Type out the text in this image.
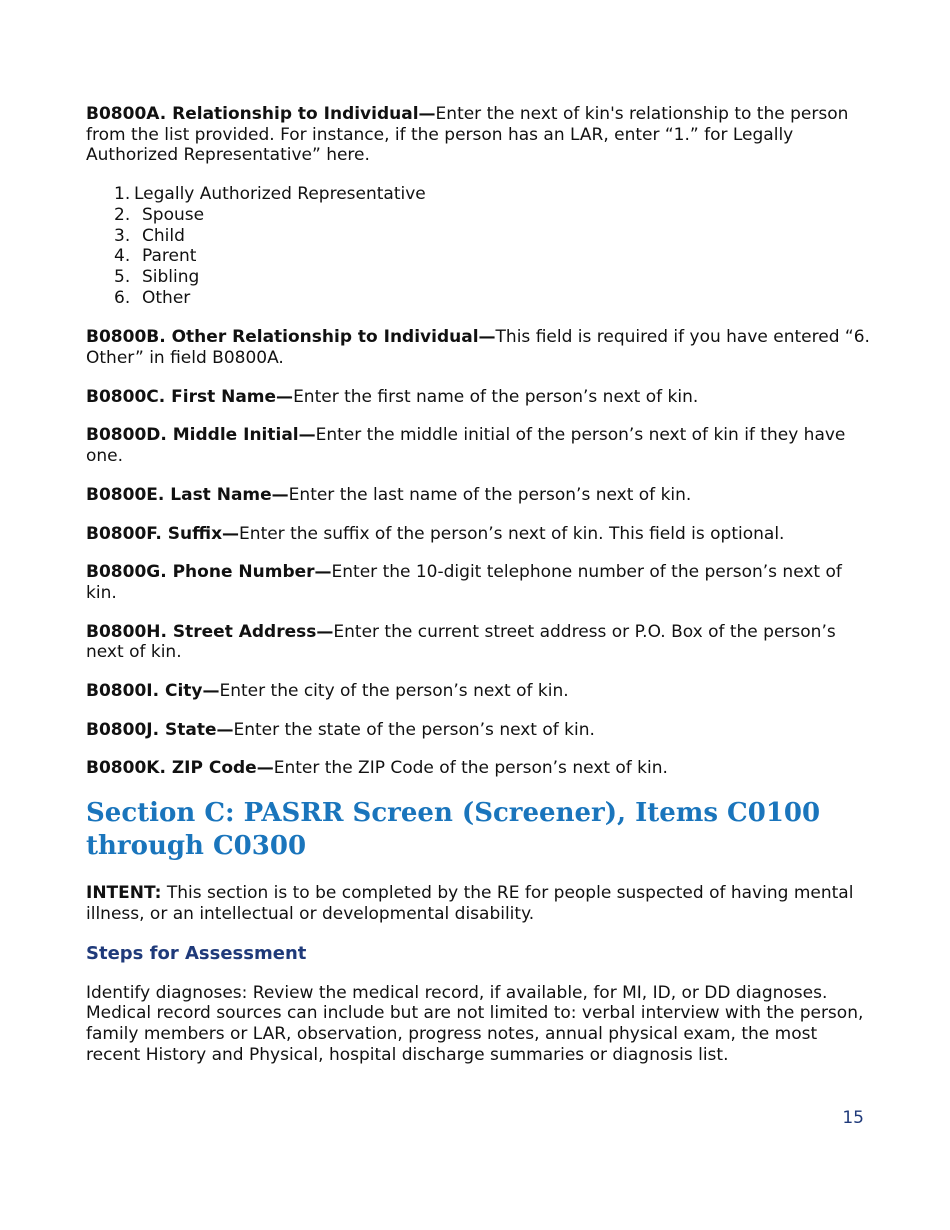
B0800A. Relationship to Individual—Enter the next of kin's relationship to the person from the list provided. For instance, if the person has an LAR, enter “1.” for Legally Authorized Representative” here.

1. Legally Authorized Representative
2. Spouse
3. Child
4. Parent
5. Sibling
6. Other

B0800B. Other Relationship to Individual—This field is required if you have entered “6. Other” in field B0800A.

B0800C. First Name—Enter the first name of the person’s next of kin.

B0800D. Middle Initial—Enter the middle initial of the person’s next of kin if they have one.

B0800E. Last Name—Enter the last name of the person’s next of kin.

B0800F. Suffix—Enter the suffix of the person’s next of kin. This field is optional.

B0800G. Phone Number—Enter the 10-digit telephone number of the person’s next of kin.

B0800H. Street Address—Enter the current street address or P.O. Box of the person’s next of kin.

B0800I. City—Enter the city of the person’s next of kin.

B0800J. State—Enter the state of the person’s next of kin.

B0800K. ZIP Code—Enter the ZIP Code of the person’s next of kin.

Section C: PASRR Screen (Screener), Items C0100 through C0300

INTENT: This section is to be completed by the RE for people suspected of having mental illness, or an intellectual or developmental disability.

Steps for Assessment

Identify diagnoses: Review the medical record, if available, for MI, ID, or DD diagnoses. Medical record sources can include but are not limited to: verbal interview with the person, family members or LAR, observation, progress notes, annual physical exam, the most recent History and Physical, hospital discharge summaries or diagnosis list.

15
